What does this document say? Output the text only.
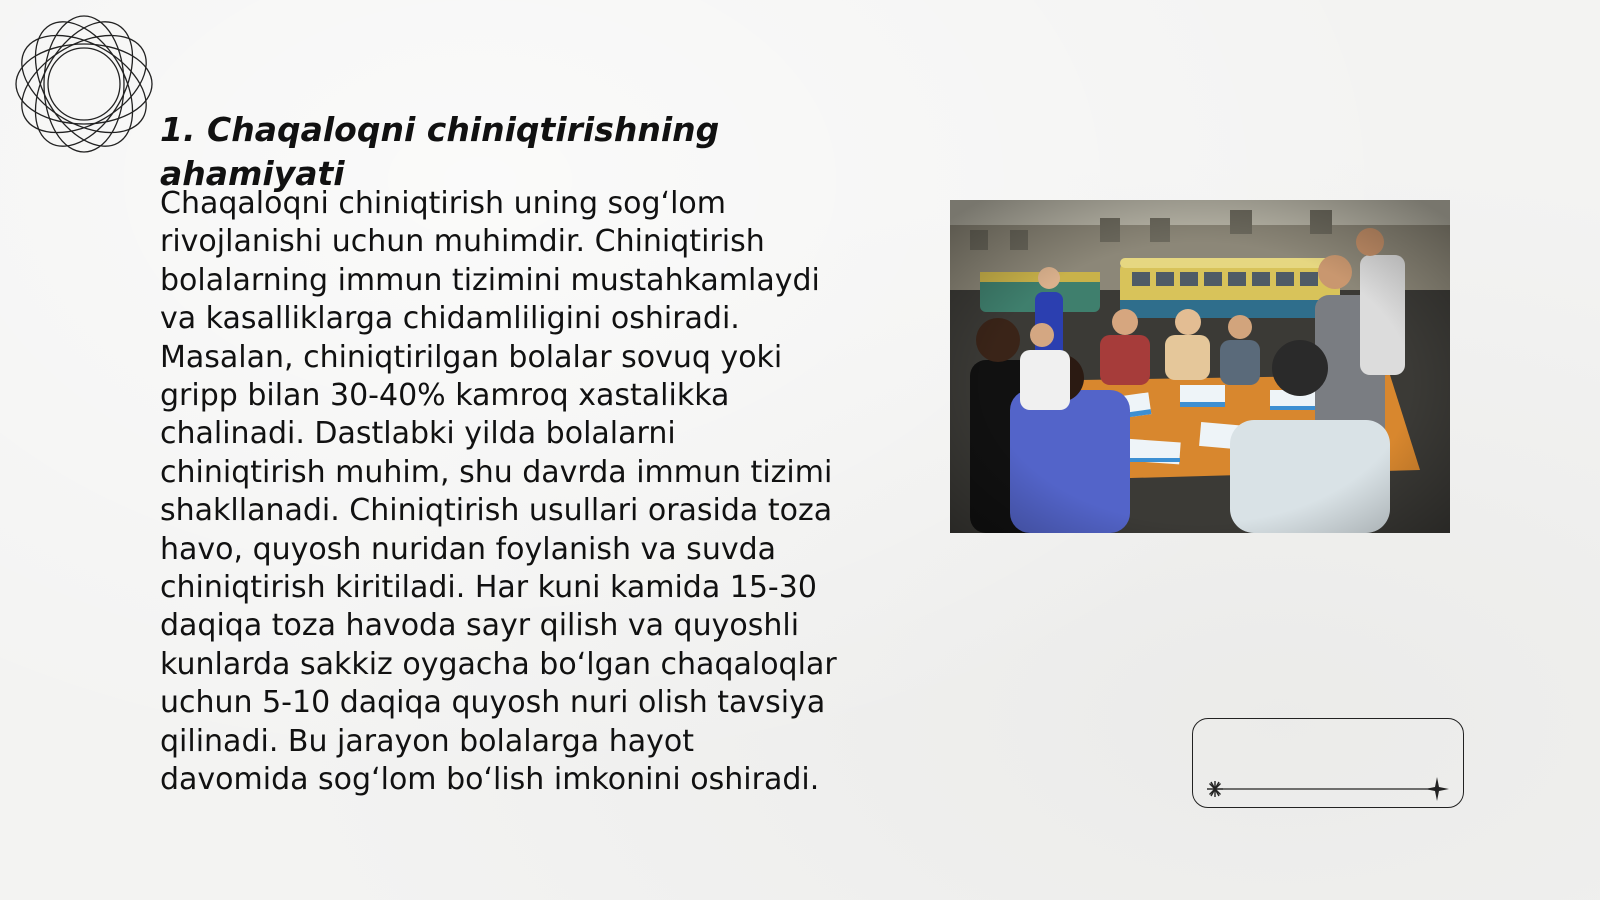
1. Chaqaloqni chiniqtirishning ahamiyati

Chaqaloqni chiniqtirish uning sog‘lom rivojlanishi uchun muhimdir. Chiniqtirish bolalarning immun tizimini mustahkamlaydi va kasalliklarga chidamliligini oshiradi. Masalan, chiniqtirilgan bolalar sovuq yoki gripp bilan 30-40% kamroq xastalikka chalinadi. Dastlabki yilda bolalarni chiniqtirish muhim, shu davrda immun tizimi shakllanadi. Chiniqtirish usullari orasida toza havo, quyosh nuridan foylanish va suvda chiniqtirish kiritiladi. Har kuni kamida 15-30 daqiqa toza havoda sayr qilish va quyoshli kunlarda sakkiz oygacha bo‘lgan chaqaloqlar uchun 5-10 daqiqa quyosh nuri olish tavsiya qilinadi. Bu jarayon bolalarga hayot davomida sog‘lom bo‘lish imkonini oshiradi.
